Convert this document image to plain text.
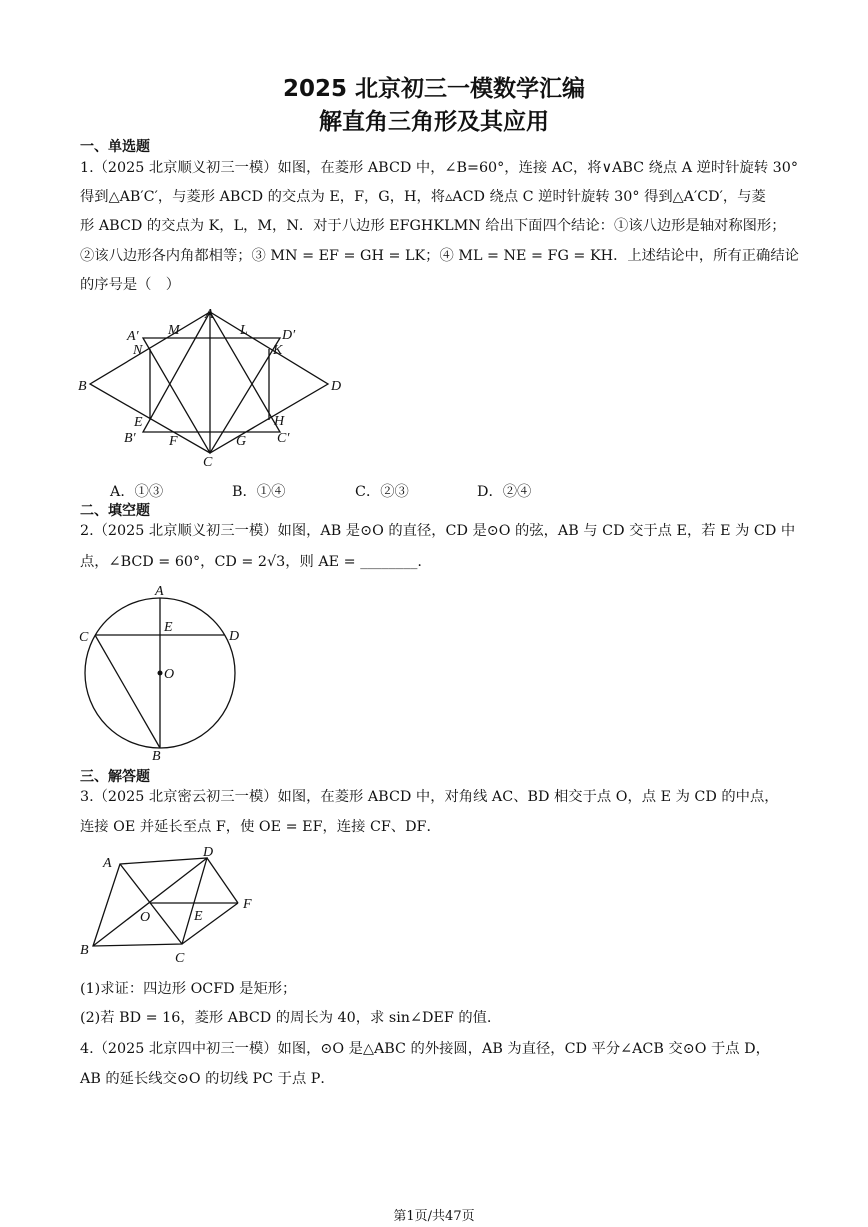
2025 北京初三一模数学汇编
解直角三角形及其应用
一、单选题
1.（2025 北京顺义初三一模）如图，在菱形 ABCD 中，∠B=60°，连接 AC，将∨ABC 绕点 A 逆时针旋转 30°
得到△AB′C′，与菱形 ABCD 的交点为 E，F，G，H，将▵ACD 绕点 C 逆时针旋转 30° 得到△A′CD′，与菱
形 ABCD 的交点为 K，L，M，N．对于八边形 EFGHKLMN 给出下面四个结论：①该八边形是轴对称图形；
②该八边形各内角都相等；③ MN = EF = GH = LK；④ ML = NE = FG = KH．上述结论中，所有正确结论
的序号是（　）
A
B
C
D
A′	D′
B′	C′
M	L
N	K
E	H
F	G
A．①③	B．①④	C．②③	D．②④
二、填空题
2.（2025 北京顺义初三一模）如图，AB 是⊙O 的直径，CD 是⊙O 的弦，AB 与 CD 交于点 E，若 E 为 CD 中
点，∠BCD = 60°，CD = 2√3，则 AE = ________.
A
C	D
E
O
B
三、解答题
3.（2025 北京密云初三一模）如图，在菱形 ABCD 中，对角线 AC、BD 相交于点 O，点 E 为 CD 的中点，
连接 OE 并延长至点 F，使 OE = EF，连接 CF、DF．
A
D
O	E
F
B
C
(1)求证：四边形 OCFD 是矩形；
(2)若 BD = 16，菱形 ABCD 的周长为 40，求 sin∠DEF 的值.
4.（2025 北京四中初三一模）如图，⊙O 是△ABC 的外接圆，AB 为直径，CD 平分∠ACB 交⊙O 于点 D，
AB 的延长线交⊙O 的切线 PC 于点 P．
第1页/共47页
